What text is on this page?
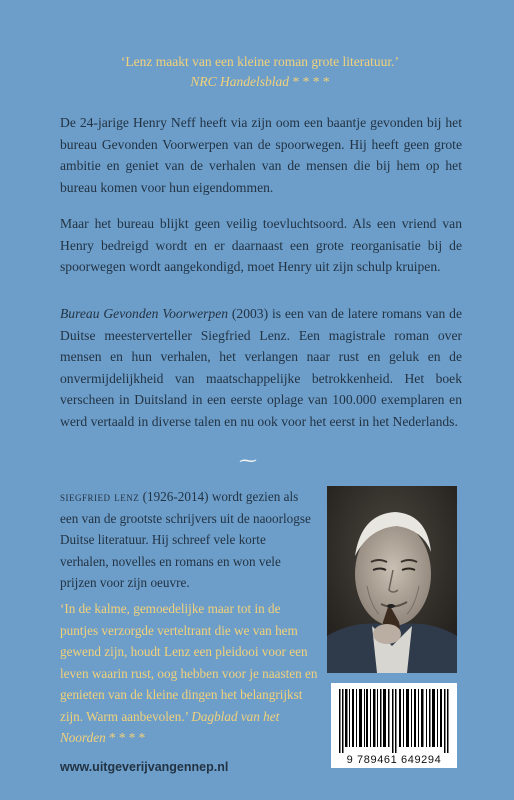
‘Lenz maakt van een kleine roman grote literatuur.’
NRC Handelsblad * * * *

De 24-jarige Henry Neff heeft via zijn oom een baantje gevonden bij het bureau Gevonden Voorwerpen van de spoorwegen. Hij heeft geen grote ambitie en geniet van de verhalen van de mensen die bij hem op het bureau komen voor hun eigendommen.

Maar het bureau blijkt geen veilig toevluchtsoord. Als een vriend van Henry bedreigd wordt en er daarnaast een grote reorganisatie bij de spoorwegen wordt aangekondigd, moet Henry uit zijn schulp kruipen.

Bureau Gevonden Voorwerpen (2003) is een van de latere romans van de Duitse meesterverteller Siegfried Lenz. Een magistrale roman over mensen en hun verhalen, het verlangen naar rust en geluk en de onvermijdelijkheid van maatschappelijke betrokkenheid. Het boek verscheen in Duitsland in een eerste oplage van 100.000 exemplaren en werd vertaald in diverse talen en nu ook voor het eerst in het Nederlands.

⁓

siegfried lenz (1926-2014) wordt gezien als een van de grootste schrijvers uit de naoorlogse Duitse literatuur. Hij schreef vele korte verhalen, novelles en romans en won vele prijzen voor zijn oeuvre.

‘In de kalme, gemoedelijke maar tot in de puntjes verzorgde verteltrant die we van hem gewend zijn, houdt Lenz een pleidooi voor een leven waarin rust, oog hebben voor je naasten en genieten van de kleine dingen het belangrijkst zijn. Warm aanbevolen.’ Dagblad van het Noorden * * * *

www.uitgeverijvangennep.nl	9 789461 649294
